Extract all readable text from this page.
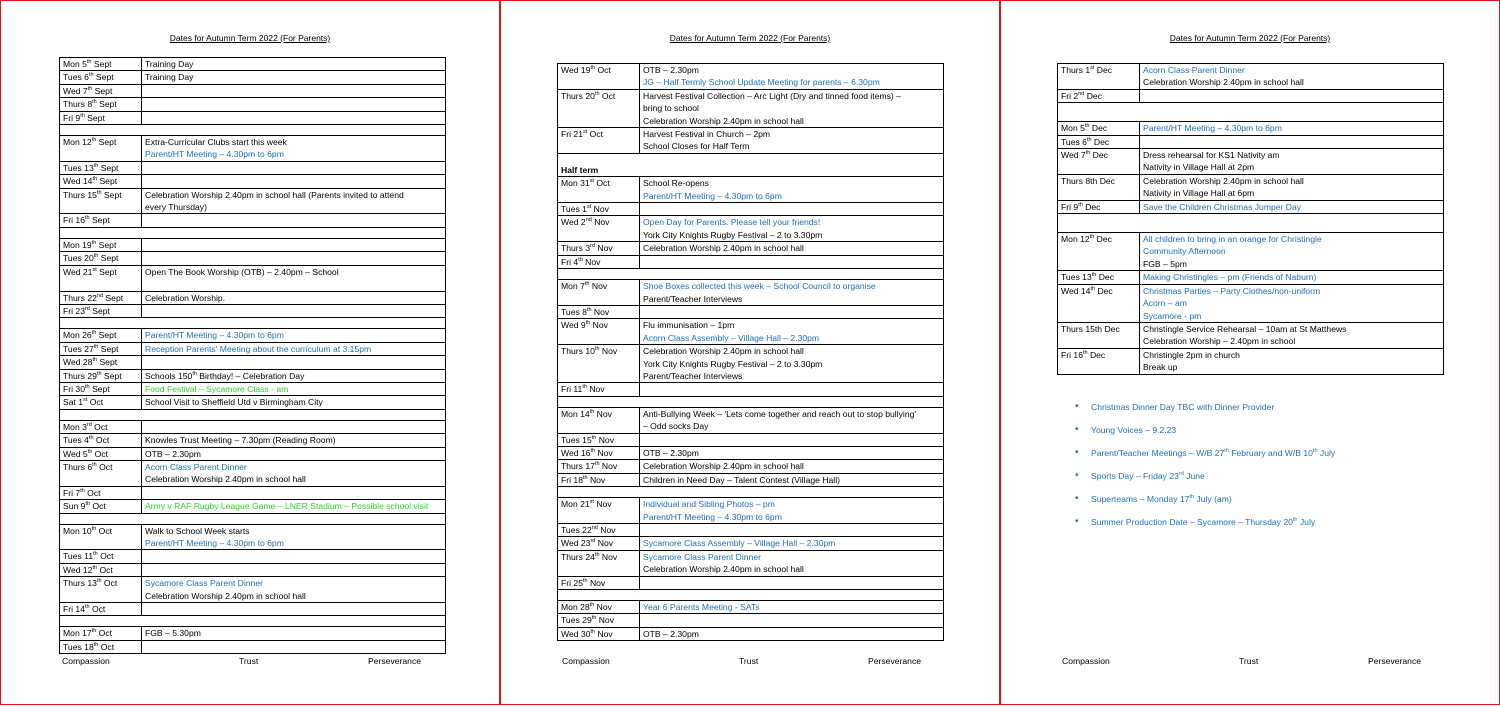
Dates for Autumn Term 2022 (For Parents)
Mon 5th Sept	Training Day

Tues 6th Sept	Training Day

Wed 7th Sept	
Thurs 8th Sept	
Fri 9th Sept	

Mon 12th Sept	Extra-Curricular Clubs start this week
Parent/HT Meeting – 4.30pm to 6pm

Tues 13th Sept	
Wed 14th Sept	
Thurs 15th Sept	Celebration Worship 2.40pm in school hall (Parents invited to attend
every Thursday)

Fri 16th Sept	

Mon 19th Sept	
Tues 20th Sept	
Wed 21st Sept	Open The Book Worship (OTB) – 2.40pm – School

Thurs 22nd Sept	Celebration Worship.

Fri 23rd Sept	

Mon 26th Sept	Parent/HT Meeting – 4.30pm to 6pm

Tues 27th Sept	Reception Parents' Meeting about the curriculum at 3.15pm

Wed 28th Sept	
Thurs 29th Sept	Schools 150th Birthday! – Celebration Day

Fri 30th Sept	Food Festival – Sycamore Class - am

Sat 1st Oct	School Visit to Sheffield Utd v Birmingham City

Mon 3rd Oct	
Tues 4th Oct	Knowles Trust Meeting – 7.30pm (Reading Room)

Wed 5th Oct	OTB – 2.30pm

Thurs 6th Oct	Acorn Class Parent Dinner
Celebration Worship 2.40pm in school hall

Fri 7th Oct	
Sun 9th Oct	Army v RAF Rugby League Game – LNER Stadium – Possible school visit

Mon 10th Oct	Walk to School Week starts
Parent/HT Meeting – 4.30pm to 6pm

Tues 11th Oct	
Wed 12th Oct	
Thurs 13th Oct	Sycamore Class Parent Dinner
Celebration Worship 2.40pm in school hall

Fri 14th Oct	

Mon 17th Oct	FGB – 5.30pm

Tues 18th Oct	
Compassion	Trust	Perseverance
Dates for Autumn Term 2022 (For Parents)
Wed 19th Oct	OTB – 2.30pm
JG – Half Termly School Update Meeting for parents – 6.30pm

Thurs 20th Oct	Harvest Festival Collection – Arc Light (Dry and tinned food items) –
bring to school
Celebration Worship 2.40pm in school hall

Fri 21st Oct	Harvest Festival in Church – 2pm
School Closes for Half Term

Half term	
Mon 31st Oct	School Re-opens
Parent/HT Meeting – 4.30pm to 6pm

Tues 1st Nov	
Wed 2nd Nov	Open Day for Parents. Please tell your friends!
York City Knights Rugby Festival – 2 to 3.30pm

Thurs 3rd Nov	Celebration Worship 2.40pm in school hall

Fri 4th Nov	

Mon 7th Nov	Shoe Boxes collected this week – School Council to organise
Parent/Teacher Interviews

Tues 8th Nov	
Wed 9th Nov	Flu immunisation – 1pm
Acorn Class Assembly – Village Hall – 2.30pm

Thurs 10th Nov	Celebration Worship 2.40pm in school hall
York City Knights Rugby Festival – 2 to 3.30pm
Parent/Teacher Interviews

Fri 11th Nov	

Mon 14th Nov	Anti-Bullying Week – 'Lets come together and reach out to stop bullying'
– Odd socks Day

Tues 15th Nov	
Wed 16th Nov	OTB – 2.30pm

Thurs 17th Nov	Celebration Worship 2.40pm in school hall

Fri 18th Nov	Children in Need Day – Talent Contest (Village Hall)

Mon 21st Nov	Individual and Sibling Photos – pm
Parent/HT Meeting – 4.30pm to 6pm

Tues 22nd Nov	
Wed 23rd Nov	Sycamore Class Assembly – Village Hall – 2.30pm

Thurs 24th Nov	Sycamore Class Parent Dinner
Celebration Worship 2.40pm in school hall

Fri 25th Nov	

Mon 28th Nov	Year 6 Parents Meeting - SATs

Tues 29th Nov	
Wed 30th Nov	OTB – 2.30pm
Compassion	Trust	Perseverance
Dates for Autumn Term 2022 (For Parents)
Thurs 1st Dec	Acorn Class Parent Dinner
Celebration Worship 2.40pm in school hall

Fri 2nd Dec	

Mon 5th Dec	Parent/HT Meeting – 4.30pm to 6pm

Tues 6th Dec	
Wed 7th Dec	Dress rehearsal for KS1 Nativity am
Nativity in Village Hall at 2pm

Thurs 8th Dec	Celebration Worship 2.40pm in school hall
Nativity in Village Hall at 6pm

Fri 9th Dec	Save the Children Christmas Jumper Day

Mon 12th Dec	All children to bring in an orange for Christingle
Community Afternoon
FGB – 5pm

Tues 13th Dec	Making Christingles – pm (Friends of Naburn)

Wed 14th Dec	Christmas Parties – Party Clothes/non-uniform
Acorn – am
Sycamore - pm

Thurs 15th Dec	Christingle Service Rehearsal – 10am at St Matthews
Celebration Worship – 2.40pm in school

Fri 16th Dec	Christingle 2pm in church
Break up
• Christmas Dinner Day TBC with Dinner Provider
• Young Voices – 9.2.23
• Parent/Teacher Meetings – W/B 27th February and W/B 10th July
• Sports Day – Friday 23rd June
• Superteams – Monday 17th July (am)
• Summer Production Date – Sycamore – Thursday 20th July
Compassion	Trust	Perseverance
